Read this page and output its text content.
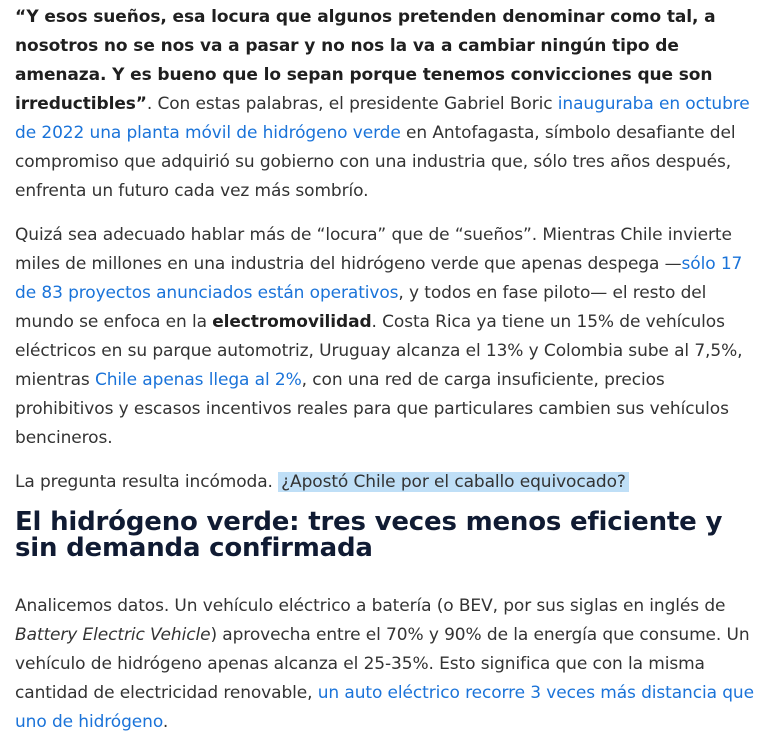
“Y esos sueños, esa locura que algunos pretenden denominar como tal, a nosotros no se nos va a pasar y no nos la va a cambiar ningún tipo de amenaza. Y es bueno que lo sepan porque tenemos convicciones que son irreductibles”. Con estas palabras, el presidente Gabriel Boric inauguraba en octubre de 2022 una planta móvil de hidrógeno verde en Antofagasta, símbolo desafiante del compromiso que adquirió su gobierno con una industria que, sólo tres años después, enfrenta un futuro cada vez más sombrío.

Quizá sea adecuado hablar más de “locura” que de “sueños”. Mientras Chile invierte miles de millones en una industria del hidrógeno verde que apenas despega —sólo 17 de 83 proyectos anunciados están operativos, y todos en fase piloto— el resto del mundo se enfoca en la electromovilidad. Costa Rica ya tiene un 15% de vehículos eléctricos en su parque automotriz, Uruguay alcanza el 13% y Colombia sube al 7,5%, mientras Chile apenas llega al 2%, con una red de carga insuficiente, precios prohibitivos y escasos incentivos reales para que particulares cambien sus vehículos bencineros.

La pregunta resulta incómoda. ¿Apostó Chile por el caballo equivocado?

El hidrógeno verde: tres veces menos eficiente y sin demanda confirmada

Analicemos datos. Un vehículo eléctrico a batería (o BEV, por sus siglas en inglés de Battery Electric Vehicle) aprovecha entre el 70% y 90% de la energía que consume. Un vehículo de hidrógeno apenas alcanza el 25-35%. Esto significa que con la misma cantidad de electricidad renovable, un auto eléctrico recorre 3 veces más distancia que uno de hidrógeno.
